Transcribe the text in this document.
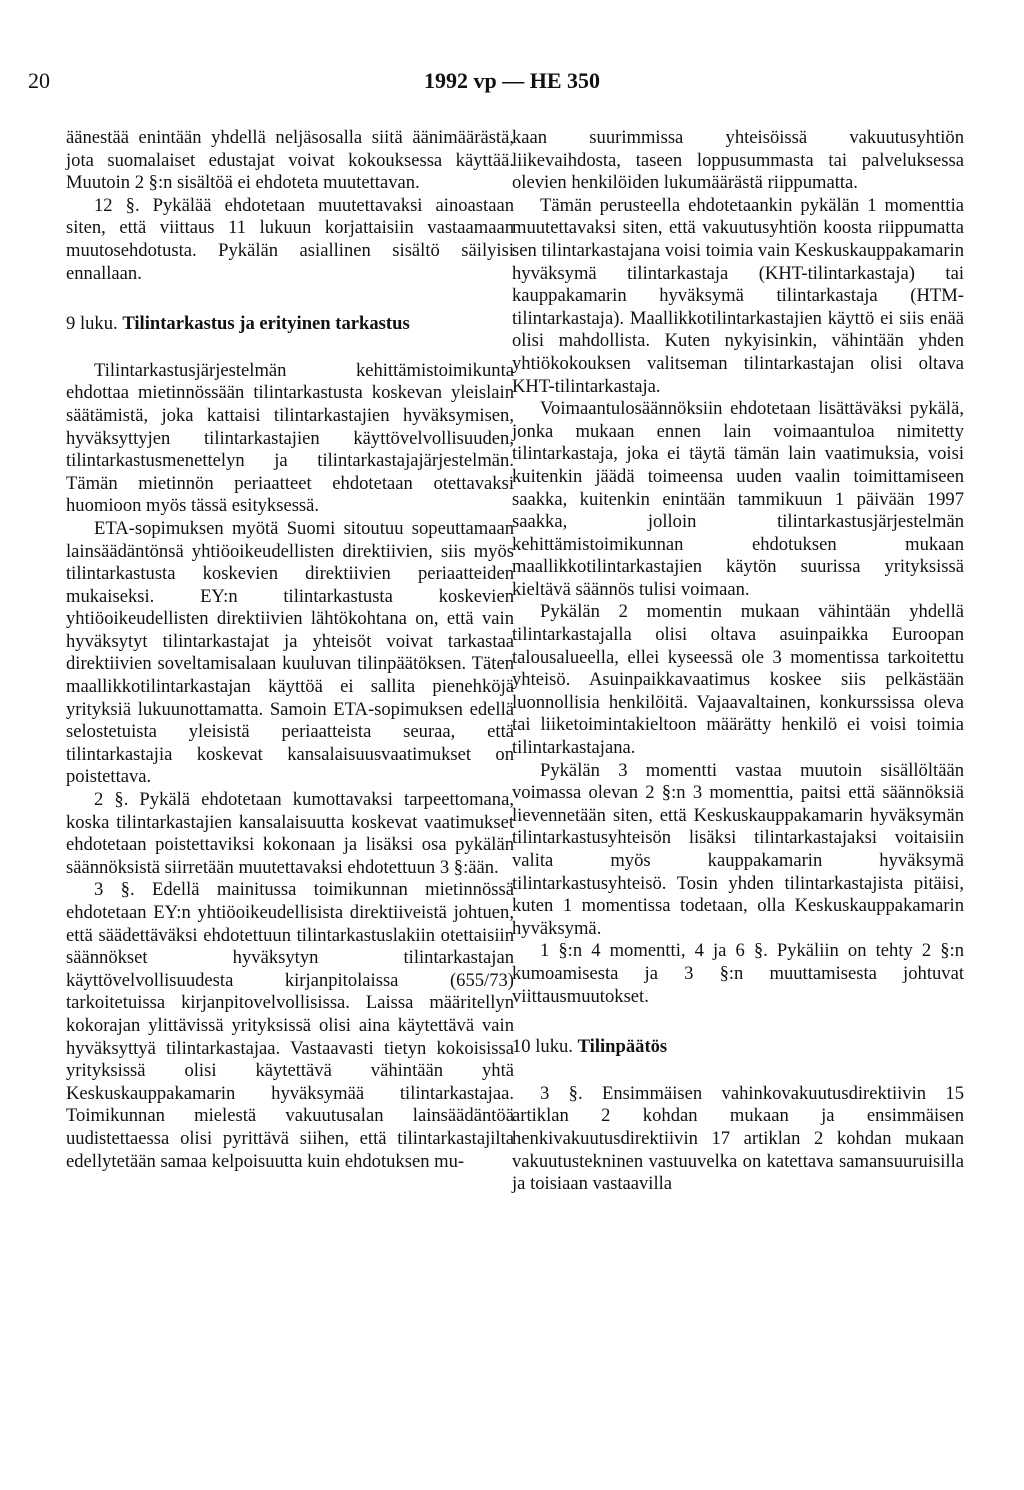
20	1992 vp — HE 350

äänestää enintään yhdellä neljäsosalla siitä äänimäärästä, jota suomalaiset edustajat voivat kokouksessa käyttää. Muutoin 2 §:n sisältöä ei ehdoteta muutettavan.

12 §. Pykälää ehdotetaan muutettavaksi ainoastaan siten, että viittaus 11 lukuun korjattaisiin vastaamaan muutosehdotusta. Pykälän asiallinen sisältö säilyisi ennallaan.

9 luku. Tilintarkastus ja erityinen tarkastus

Tilintarkastusjärjestelmän kehittämistoimikunta ehdottaa mietinnössään tilintarkastusta koskevan yleislain säätämistä, joka kattaisi tilintarkastajien hyväksymisen, hyväksyttyjen tilintarkastajien käyttövelvollisuuden, tilintarkastusmenettelyn ja tilintarkastajajärjestelmän. Tämän mietinnön periaatteet ehdotetaan otettavaksi huomioon myös tässä esityksessä.

ETA-sopimuksen myötä Suomi sitoutuu sopeuttamaan lainsäädäntönsä yhtiöoikeudellisten direktiivien, siis myös tilintarkastusta koskevien direktiivien periaatteiden mukaiseksi. EY:n tilintarkastusta koskevien yhtiöoikeudellisten direktiivien lähtökohtana on, että vain hyväksytyt tilintarkastajat ja yhteisöt voivat tarkastaa direktiivien soveltamisalaan kuuluvan tilinpäätöksen. Täten maallikkotilintarkastajan käyttöä ei sallita pienehköjä yrityksiä lukuunottamatta. Samoin ETA-sopimuksen edellä selostetuista yleisistä periaatteista seuraa, että tilintarkastajia koskevat kansalaisuusvaatimukset on poistettava.

2 §. Pykälä ehdotetaan kumottavaksi tarpeettomana, koska tilintarkastajien kansalaisuutta koskevat vaatimukset ehdotetaan poistettaviksi kokonaan ja lisäksi osa pykälän säännöksistä siirretään muutettavaksi ehdotettuun 3 §:ään.

3 §. Edellä mainitussa toimikunnan mietinnössä ehdotetaan EY:n yhtiöoikeudellisista direktiiveistä johtuen, että säädettäväksi ehdotettuun tilintarkastuslakiin otettaisiin säännökset hyväksytyn tilintarkastajan käyttövelvollisuudesta kirjanpitolaissa (655/73) tarkoitetuissa kirjanpitovelvollisissa. Laissa määritellyn kokorajan ylittävissä yrityksissä olisi aina käytettävä vain hyväksyttyä tilintarkastajaa. Vastaavasti tietyn kokoisissa yrityksissä olisi käytettävä vähintään yhtä Keskuskauppakamarin hyväksymää tilintarkastajaa. Toimikunnan mielestä vakuutusalan lainsäädäntöä uudistettaessa olisi pyrittävä siihen, että tilintarkastajilta edellytetään samaa kelpoisuutta kuin ehdotuksen mu-

kaan suurimmissa yhteisöissä vakuutusyhtiön liikevaihdosta, taseen loppusummasta tai palveluksessa olevien henkilöiden lukumäärästä riippumatta.

Tämän perusteella ehdotetaankin pykälän 1 momenttia muutettavaksi siten, että vakuutusyhtiön koosta riippumatta sen tilintarkastajana voisi toimia vain Keskuskauppakamarin hyväksymä tilintarkastaja (KHT-tilintarkastaja) tai kauppakamarin hyväksymä tilintarkastaja (HTM-tilintarkastaja). Maallikkotilintarkastajien käyttö ei siis enää olisi mahdollista. Kuten nykyisinkin, vähintään yhden yhtiökokouksen valitseman tilintarkastajan olisi oltava KHT-tilintarkastaja.

Voimaantulosäännöksiin ehdotetaan lisättäväksi pykälä, jonka mukaan ennen lain voimaantuloa nimitetty tilintarkastaja, joka ei täytä tämän lain vaatimuksia, voisi kuitenkin jäädä toimeensa uuden vaalin toimittamiseen saakka, kuitenkin enintään tammikuun 1 päivään 1997 saakka, jolloin tilintarkastusjärjestelmän kehittämistoimikunnan ehdotuksen mukaan maallikkotilintarkastajien käytön suurissa yrityksissä kieltävä säännös tulisi voimaan.

Pykälän 2 momentin mukaan vähintään yhdellä tilintarkastajalla olisi oltava asuinpaikka Euroopan talousalueella, ellei kyseessä ole 3 momentissa tarkoitettu yhteisö. Asuinpaikkavaatimus koskee siis pelkästään luonnollisia henkilöitä. Vajaavaltainen, konkurssissa oleva tai liiketoimintakieltoon määrätty henkilö ei voisi toimia tilintarkastajana.

Pykälän 3 momentti vastaa muutoin sisällöltään voimassa olevan 2 §:n 3 momenttia, paitsi että säännöksiä lievennetään siten, että Keskuskauppakamarin hyväksymän tilintarkastusyhteisön lisäksi tilintarkastajaksi voitaisiin valita myös kauppakamarin hyväksymä tilintarkastusyhteisö. Tosin yhden tilintarkastajista pitäisi, kuten 1 momentissa todetaan, olla Keskuskauppakamarin hyväksymä.

1 §:n 4 momentti, 4 ja 6 §. Pykäliin on tehty 2 §:n kumoamisesta ja 3 §:n muuttamisesta johtuvat viittausmuutokset.

10 luku. Tilinpäätös

3 §. Ensimmäisen vahinkovakuutusdirektiivin 15 artiklan 2 kohdan mukaan ja ensimmäisen henkivakuutusdirektiivin 17 artiklan 2 kohdan mukaan vakuutustekninen vastuuvelka on katettava samansuuruisilla ja toisiaan vastaavilla
